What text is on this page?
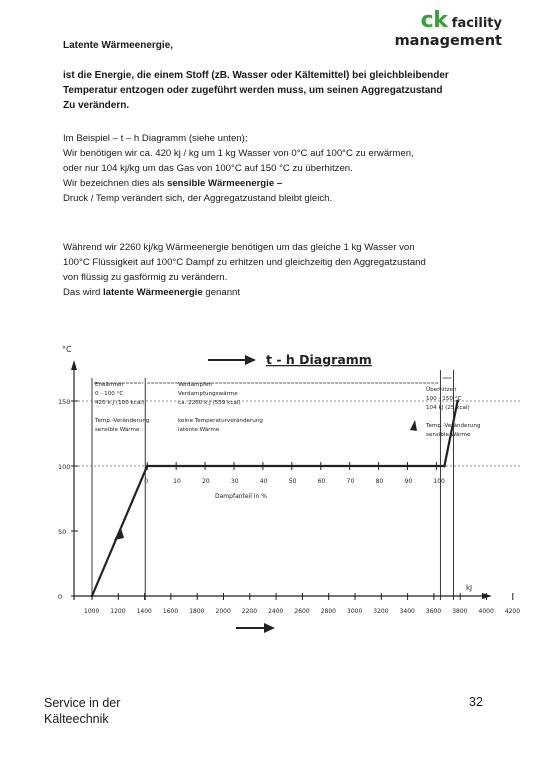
ck facility
management
Latente Wärmeenergie,
ist die Energie, die einem Stoff (zB. Wasser oder Kältemittel) bei gleichbleibender
Temperatur entzogen oder zugeführt werden muss, um seinen Aggregatzustand
Zu verändern.
Im Beispiel – t – h Diagramm (siehe unten);
Wir benötigen wir ca. 420 kj / kg um 1 kg Wasser von 0°C auf 100°C zu erwärmen,
oder nur 104 kj/kg um das Gas von 100°C auf 150 °C zu überhitzen.
Wir bezeichnen dies als sensible Wärmeenergie –
Druck / Temp verändert sich, der Aggregatzustand bleibt gleich.
Während wir 2260 kj/kg Wärmeenergie benötigen um das gleiche 1 kg Wasser von
100°C Flüssigkeit auf 100°C Dampf zu erhitzen und gleichzeitig den Aggregatzustand
von flüssig zu gasförmig zu verändern.
Das wird latente Wärmeenergie genannt
°C
150
100
50
0
kJ
1000 1200 1400 1600 1800 2000 2200 2400 2600 2800 3000 3200 3400 3600 3800 4000 4200
0	10	20	30	40	50	60	70	80	90	100
Dampfanteil in %
Erwärmen
0 - 100 °C
420 k J (100 kcal)
Temp.-Veränderung
sensible Wärme
Verdampfen
Verdampfungswärme
ca. 2260 k J (539 kcal)
keine Temperaturveränderung
latente Wärme
Überhitzen
100 - 150 °C
104 kJ (25 kcal)
Temp.-Veränderung
sensible Wärme
t - h Diagramm
Service in der
Kälteechnik
32
